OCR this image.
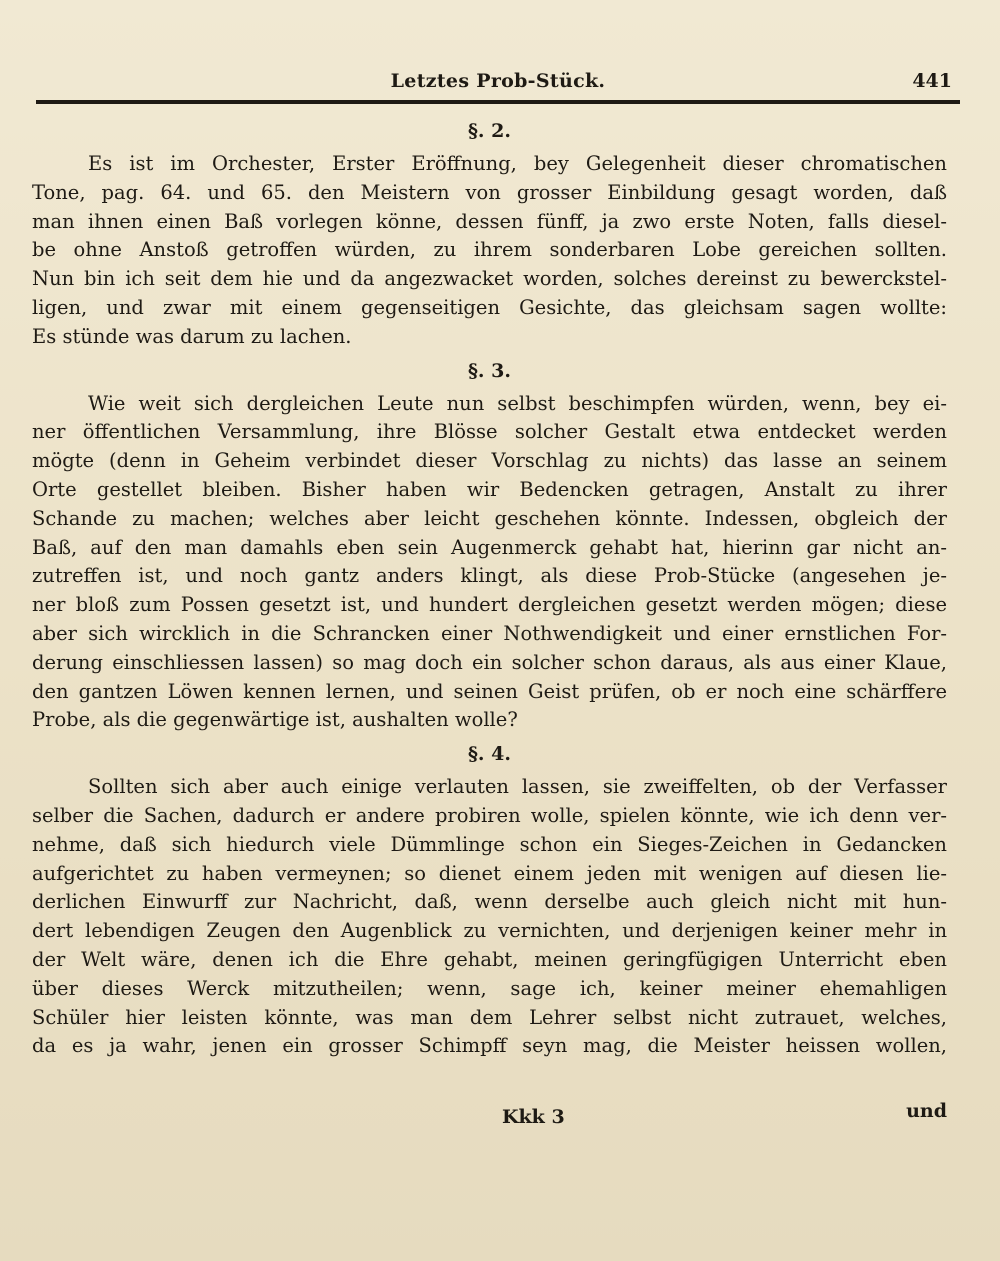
Letztes Prob-Stück.	441
§. 2.
Es ist im Orchester, Erster Eröffnung, bey Gelegenheit dieser chromatischen
Tone, pag. 64. und 65. den Meistern von grosser Einbildung gesagt worden, daß
man ihnen einen Baß vorlegen könne, dessen fünff, ja zwo erste Noten, falls diesel-
be ohne Anstoß getroffen würden, zu ihrem sonderbaren Lobe gereichen sollten.
Nun bin ich seit dem hie und da angezwacket worden, solches dereinst zu bewerckstel-
ligen, und zwar mit einem gegenseitigen Gesichte, das gleichsam sagen wollte:
Es stünde was darum zu lachen.
§. 3.
Wie weit sich dergleichen Leute nun selbst beschimpfen würden, wenn, bey ei-
ner öffentlichen Versammlung, ihre Blösse solcher Gestalt etwa entdecket werden
mögte (denn in Geheim verbindet dieser Vorschlag zu nichts) das lasse an seinem
Orte gestellet bleiben. Bisher haben wir Bedencken getragen, Anstalt zu ihrer
Schande zu machen; welches aber leicht geschehen könnte. Indessen, obgleich der
Baß, auf den man damahls eben sein Augenmerck gehabt hat, hierinn gar nicht an-
zutreffen ist, und noch gantz anders klingt, als diese Prob-Stücke (angesehen je-
ner bloß zum Possen gesetzt ist, und hundert dergleichen gesetzt werden mögen; diese
aber sich wircklich in die Schrancken einer Nothwendigkeit und einer ernstlichen For-
derung einschliessen lassen) so mag doch ein solcher schon daraus, als aus einer Klaue,
den gantzen Löwen kennen lernen, und seinen Geist prüfen, ob er noch eine schärffere
Probe, als die gegenwärtige ist, aushalten wolle?
§. 4.
Sollten sich aber auch einige verlauten lassen, sie zweiffelten, ob der Verfasser
selber die Sachen, dadurch er andere probiren wolle, spielen könnte, wie ich denn ver-
nehme, daß sich hiedurch viele Dümmlinge schon ein Sieges-Zeichen in Gedancken
aufgerichtet zu haben vermeynen; so dienet einem jeden mit wenigen auf diesen lie-
derlichen Einwurff zur Nachricht, daß, wenn derselbe auch gleich nicht mit hun-
dert lebendigen Zeugen den Augenblick zu vernichten, und derjenigen keiner mehr in
der Welt wäre, denen ich die Ehre gehabt, meinen geringfügigen Unterricht eben
über dieses Werck mitzutheilen; wenn, sage ich, keiner meiner ehemahligen
Schüler hier leisten könnte, was man dem Lehrer selbst nicht zutrauet, welches,
da es ja wahr, jenen ein grosser Schimpff seyn mag, die Meister heissen wollen,
Kkk 3	und
